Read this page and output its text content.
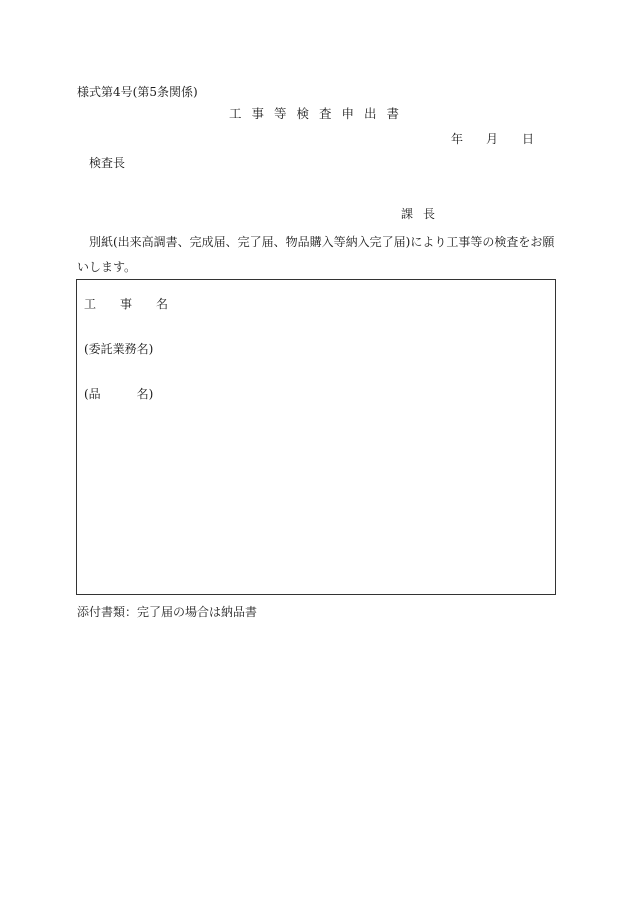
様式第4号(第5条関係)
工事等検査申出書
年 月 日
検査長
課長
別紙(出来高調書、完成届、完了届、物品購入等納入完了届)により工事等の検査をお願いします。
工　　事　　名
(委託業務名)
(品　　　名)
添付書類：完了届の場合は納品書
